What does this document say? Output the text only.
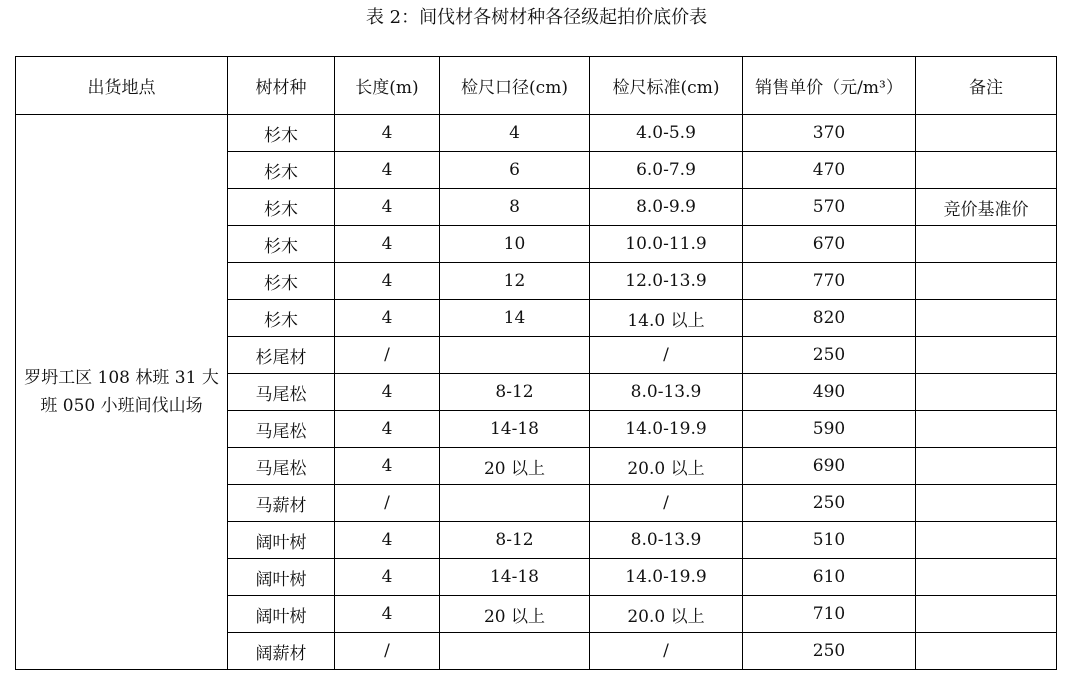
表 2：间伐材各树材种各径级起拍价底价表
出货地点	树材种	长度(m)	检尺口径(cm)	检尺标准(cm)	销售单价（元/m³）	备注
罗坍工区 108 林班 31 大班 050 小班间伐山场	杉木	4	4	4.0-5.9	370	
	杉木	4	6	6.0-7.9	470	
	杉木	4	8	8.0-9.9	570	竞价基准价
	杉木	4	10	10.0-11.9	670	
	杉木	4	12	12.0-13.9	770	
	杉木	4	14	14.0 以上	820	
	杉尾材	/		/	250	
	马尾松	4	8-12	8.0-13.9	490	
	马尾松	4	14-18	14.0-19.9	590	
	马尾松	4	20 以上	20.0 以上	690	
	马薪材	/		/	250	
	阔叶树	4	8-12	8.0-13.9	510	
	阔叶树	4	14-18	14.0-19.9	610	
	阔叶树	4	20 以上	20.0 以上	710	
	阔薪材	/		/	250	
